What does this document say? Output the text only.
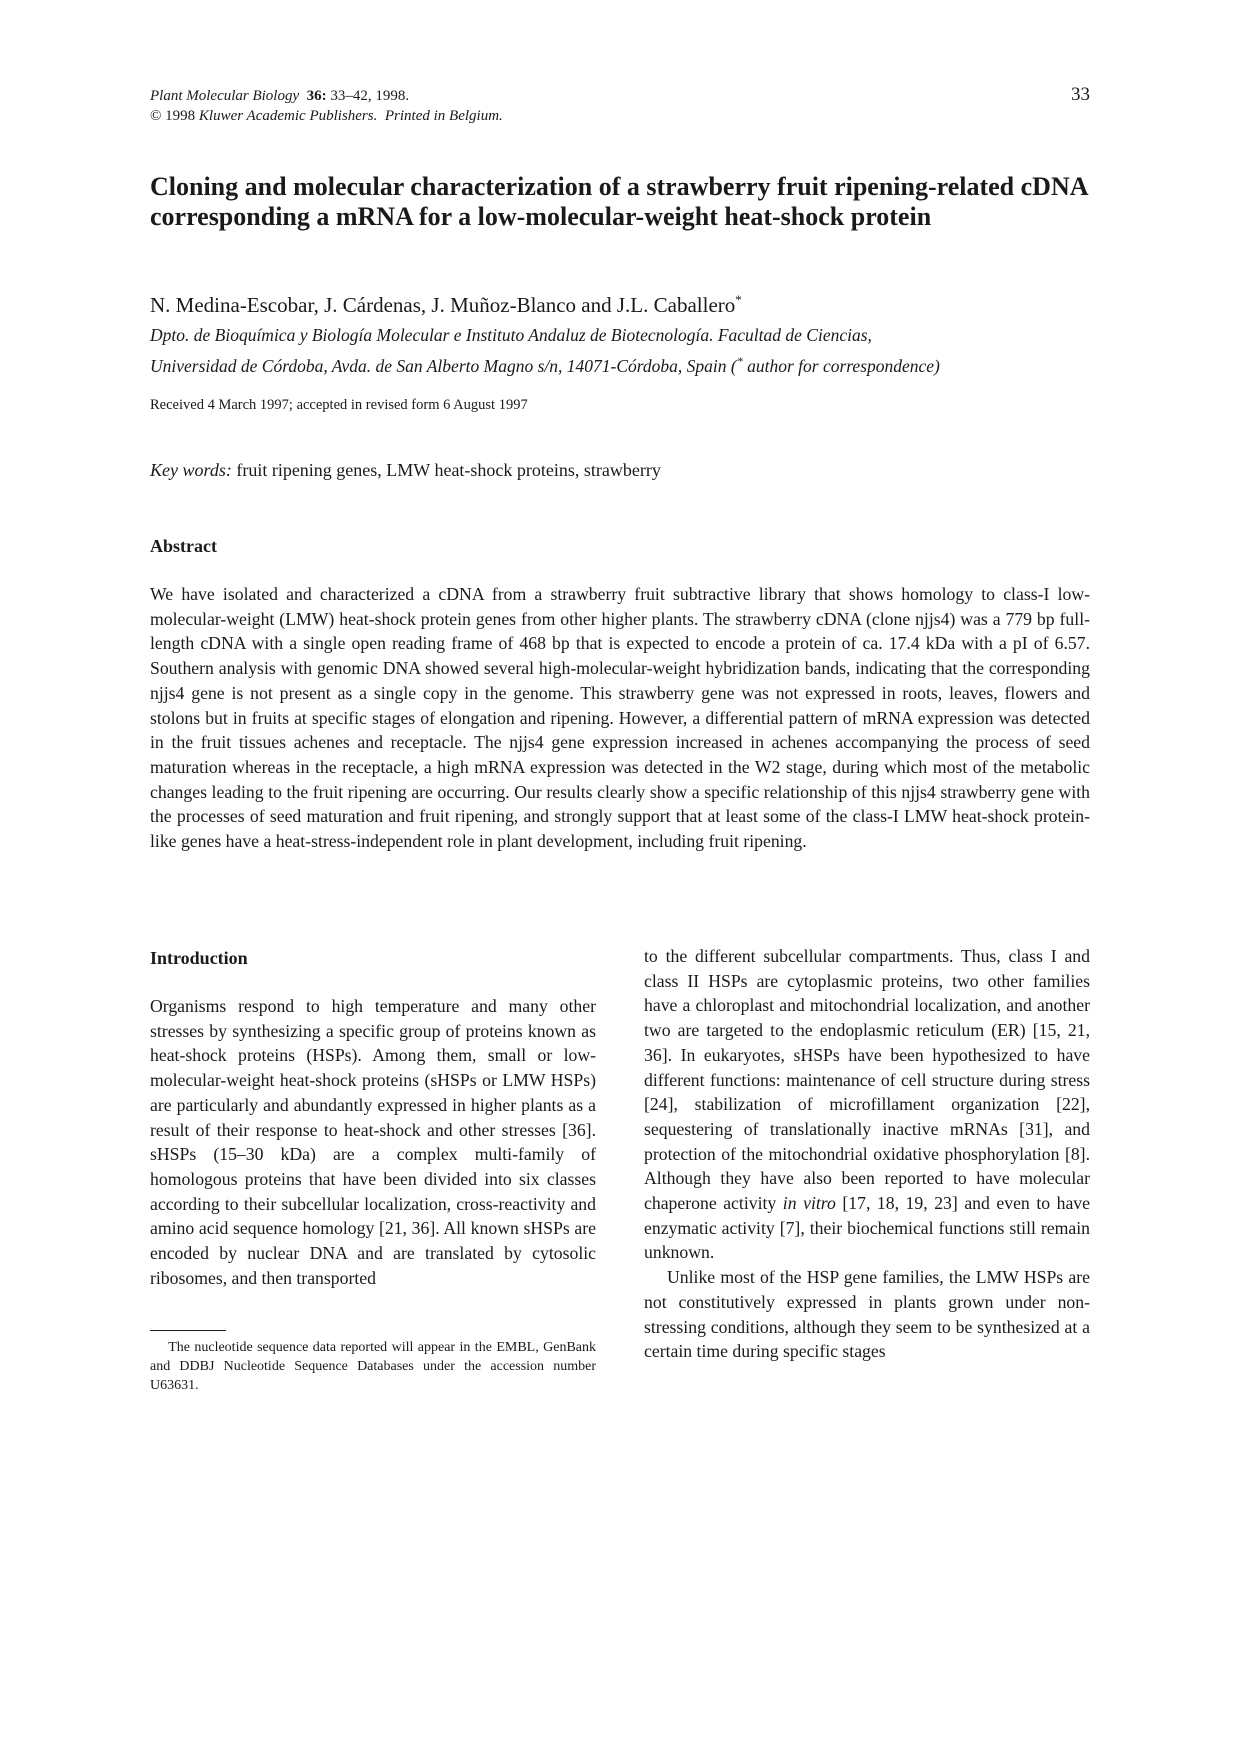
Plant Molecular Biology 36: 33–42, 1998.
© 1998 Kluwer Academic Publishers. Printed in Belgium.
33
Cloning and molecular characterization of a strawberry fruit ripening-related cDNA corresponding a mRNA for a low-molecular-weight heat-shock protein
N. Medina-Escobar, J. Cárdenas, J. Muñoz-Blanco and J.L. Caballero*
Dpto. de Bioquímica y Biología Molecular e Instituto Andaluz de Biotecnología. Facultad de Ciencias,
Universidad de Córdoba, Avda. de San Alberto Magno s/n, 14071-Córdoba, Spain (* author for correspondence)
Received 4 March 1997; accepted in revised form 6 August 1997
Key words: fruit ripening genes, LMW heat-shock proteins, strawberry
Abstract

We have isolated and characterized a cDNA from a strawberry fruit subtractive library that shows homology to class-I low-molecular-weight (LMW) heat-shock protein genes from other higher plants. The strawberry cDNA (clone njjs4) was a 779 bp full-length cDNA with a single open reading frame of 468 bp that is expected to encode a protein of ca. 17.4 kDa with a pI of 6.57. Southern analysis with genomic DNA showed several high-molecular-weight hybridization bands, indicating that the corresponding njjs4 gene is not present as a single copy in the genome. This strawberry gene was not expressed in roots, leaves, flowers and stolons but in fruits at specific stages of elongation and ripening. However, a differential pattern of mRNA expression was detected in the fruit tissues achenes and receptacle. The njjs4 gene expression increased in achenes accompanying the process of seed maturation whereas in the receptacle, a high mRNA expression was detected in the W2 stage, during which most of the metabolic changes leading to the fruit ripening are occurring. Our results clearly show a specific relationship of this njjs4 strawberry gene with the processes of seed maturation and fruit ripening, and strongly support that at least some of the class-I LMW heat-shock protein-like genes have a heat-stress-independent role in plant development, including fruit ripening.

Introduction

Organisms respond to high temperature and many other stresses by synthesizing a specific group of proteins known as heat-shock proteins (HSPs). Among them, small or low-molecular-weight heat-shock proteins (sHSPs or LMW HSPs) are particularly and abundantly expressed in higher plants as a result of their response to heat-shock and other stresses [36]. sHSPs (15–30 kDa) are a complex multi-family of homologous proteins that have been divided into six classes according to their subcellular localization, cross-reactivity and amino acid sequence homology [21, 36]. All known sHSPs are encoded by nuclear DNA and are translated by cytosolic ribosomes, and then transported

The nucleotide sequence data reported will appear in the EMBL, GenBank and DDBJ Nucleotide Sequence Databases under the accession number U63631.

to the different subcellular compartments. Thus, class I and class II HSPs are cytoplasmic proteins, two other families have a chloroplast and mitochondrial localization, and another two are targeted to the endoplasmic reticulum (ER) [15, 21, 36]. In eukaryotes, sHSPs have been hypothesized to have different functions: maintenance of cell structure during stress [24], stabilization of microfillament organization [22], sequestering of translationally inactive mRNAs [31], and protection of the mitochondrial oxidative phosphorylation [8]. Although they have also been reported to have molecular chaperone activity in vitro [17, 18, 19, 23] and even to have enzymatic activity [7], their biochemical functions still remain unknown.

Unlike most of the HSP gene families, the LMW HSPs are not constitutively expressed in plants grown under non-stressing conditions, although they seem to be synthesized at a certain time during specific stages
